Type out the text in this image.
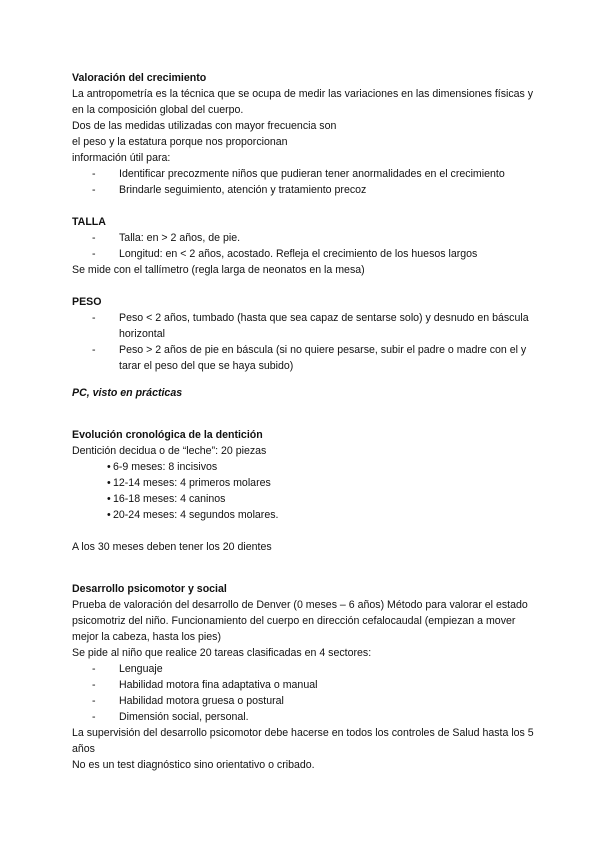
Valoración del crecimiento

La antropometría es la técnica que se ocupa de medir las variaciones en las dimensiones físicas y en la composición global del cuerpo.

Dos de las medidas utilizadas con mayor frecuencia son

el peso y la estatura porque nos proporcionan

información útil para:

- Identificar precozmente niños que pudieran tener anormalidades en el crecimiento
- Brindarle seguimiento, atención y tratamiento precoz

TALLA

- Talla: en > 2 años, de pie.
- Longitud: en < 2 años, acostado. Refleja el crecimiento de los huesos largos

Se mide con el tallímetro (regla larga de neonatos en la mesa)

PESO

- Peso < 2 años, tumbado (hasta que sea capaz de sentarse solo) y desnudo en báscula horizontal
- Peso > 2 años de pie en báscula (si no quiere pesarse, subir el padre o madre con el y tarar el peso del que se haya subido)

PC, visto en prácticas

Evolución cronológica de la dentición

Dentición decidua o de “leche”: 20 piezas

• 6-9 meses: 8 incisivos
• 12-14 meses: 4 primeros molares
• 16-18 meses: 4 caninos
• 20-24 meses: 4 segundos molares.

A los 30 meses deben tener los 20 dientes

Desarrollo psicomotor y social

Prueba de valoración del desarrollo de Denver (0 meses – 6 años) Método para valorar el estado psicomotriz del niño. Funcionamiento del cuerpo en dirección cefalocaudal (empiezan a mover mejor la cabeza, hasta los pies)

Se pide al niño que realice 20 tareas clasificadas en 4 sectores:

- Lenguaje
- Habilidad motora fina adaptativa o manual
- Habilidad motora gruesa o postural
- Dimensión social, personal.

La supervisión del desarrollo psicomotor debe hacerse en todos los controles de Salud hasta los 5 años

No es un test diagnóstico sino orientativo o cribado.
